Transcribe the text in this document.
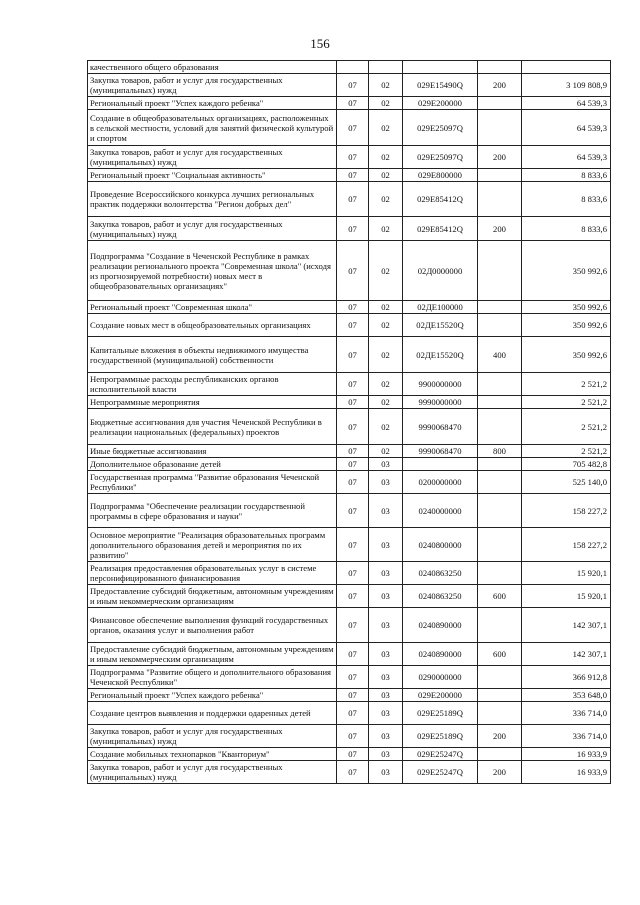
156
качественного общего образования					
Закупка товаров, работ и услуг для государственных (муниципальных) нужд	07	02	029E15490Q	200	3 109 808,9
Региональный проект "Успех каждого ребенка"	07	02	029E200000		64 539,3
Создание в общеобразовательных организациях, расположенных в сельской местности, условий для занятий физической культурой и спортом	07	02	029E25097Q		64 539,3
Закупка товаров, работ и услуг для государственных (муниципальных) нужд	07	02	029E25097Q	200	64 539,3
Региональный проект "Социальная активность"	07	02	029E800000		8 833,6
Проведение Всероссийского конкурса лучших региональных практик поддержки волонтерства "Регион добрых дел"	07	02	029E85412Q		8 833,6
Закупка товаров, работ и услуг для государственных (муниципальных) нужд	07	02	029E85412Q	200	8 833,6
Подпрограмма "Создание в Чеченской Республике в рамках реализации регионального проекта "Современная школа" (исходя из прогнозируемой потребности) новых мест в общеобразовательных организациях"	07	02	02Д0000000		350 992,6
Региональный проект "Современная школа"	07	02	02ДЕ100000		350 992,6
Создание новых мест в общеобразовательных организациях	07	02	02ДЕ15520Q		350 992,6
Капитальные вложения в объекты недвижимого имущества государственной (муниципальной) собственности	07	02	02ДЕ15520Q	400	350 992,6
Непрограммные расходы республиканских органов исполнительной власти	07	02	9900000000		2 521,2
Непрограммные мероприятия	07	02	9990000000		2 521,2
Бюджетные ассигнования для участия Чеченской Республики в реализации национальных (федеральных) проектов	07	02	9990068470		2 521,2
Иные бюджетные ассигнования	07	02	9990068470	800	2 521,2
Дополнительное образование детей	07	03			705 482,8
Государственная программа "Развитие образования Чеченской Республики"	07	03	0200000000		525 140,0
Подпрограмма "Обеспечение реализации государственной программы в сфере образования и науки"	07	03	0240000000		158 227,2
Основное мероприятие "Реализация образовательных программ дополнительного образования детей и мероприятия по их развитию"	07	03	0240800000		158 227,2
Реализация предоставления образовательных услуг в системе персонифицированного финансирования	07	03	0240863250		15 920,1
Предоставление субсидий бюджетным, автономным учреждениям и иным некоммерческим организациям	07	03	0240863250	600	15 920,1
Финансовое обеспечение выполнения функций государственных органов, оказания услуг и выполнения работ	07	03	0240890000		142 307,1
Предоставление субсидий бюджетным, автономным учреждениям и иным некоммерческим организациям	07	03	0240890000	600	142 307,1
Подпрограмма "Развитие общего и дополнительного образования Чеченской Республики"	07	03	0290000000		366 912,8
Региональный проект "Успех каждого ребенка"	07	03	029E200000		353 648,0
Создание центров выявления и поддержки одаренных детей	07	03	029E25189Q		336 714,0
Закупка товаров, работ и услуг для государственных (муниципальных) нужд	07	03	029E25189Q	200	336 714,0
Создание мобильных технопарков "Кванториум"	07	03	029E25247Q		16 933,9
Закупка товаров, работ и услуг для государственных (муниципальных) нужд	07	03	029E25247Q	200	16 933,9
